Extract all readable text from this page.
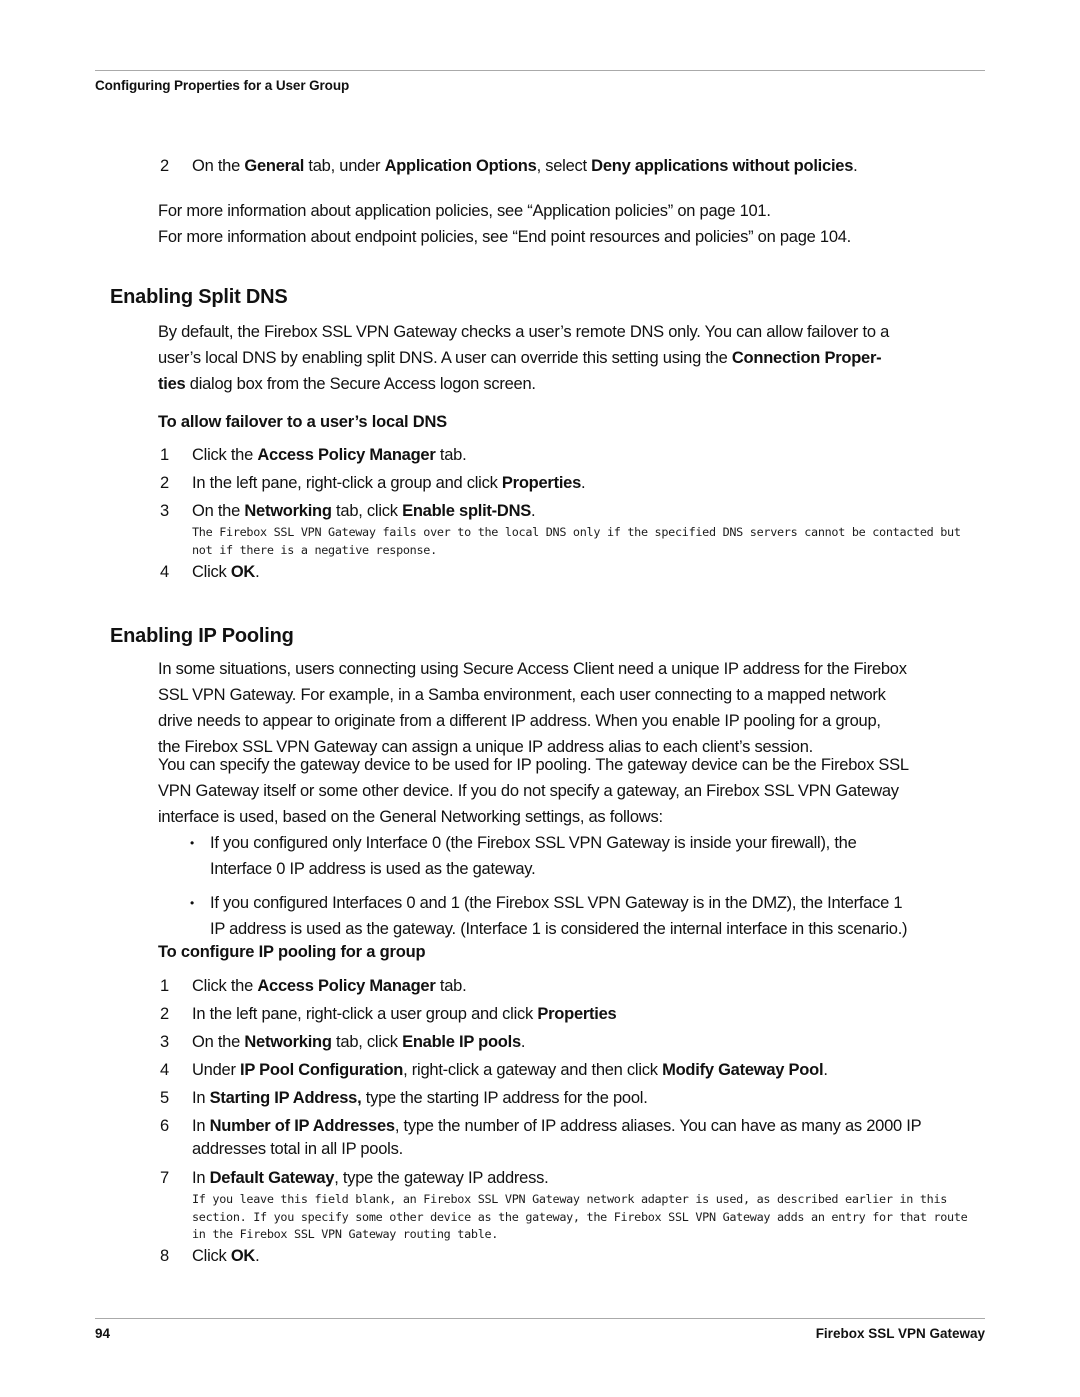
Configuring Properties for a User Group
2	On the General tab, under Application Options, select Deny applications without policies.
For more information about application policies, see “Application policies” on page 101.
For more information about endpoint policies, see “End point resources and policies” on page 104.
Enabling Split DNS
By default, the Firebox SSL VPN Gateway checks a user’s remote DNS only. You can allow failover to a
user’s local DNS by enabling split DNS. A user can override this setting using the Connection Proper-
ties dialog box from the Secure Access logon screen.
To allow failover to a user’s local DNS
1	Click the Access Policy Manager tab.
2	In the left pane, right-click a group and click Properties.
3	On the Networking tab, click Enable split-DNS.
The Firebox SSL VPN Gateway fails over to the local DNS only if the specified DNS servers cannot be contacted but
not if there is a negative response.
4	Click OK.
Enabling IP Pooling
In some situations, users connecting using Secure Access Client need a unique IP address for the Firebox
SSL VPN Gateway. For example, in a Samba environment, each user connecting to a mapped network
drive needs to appear to originate from a different IP address. When you enable IP pooling for a group,
the Firebox SSL VPN Gateway can assign a unique IP address alias to each client’s session.
You can specify the gateway device to be used for IP pooling. The gateway device can be the Firebox SSL
VPN Gateway itself or some other device. If you do not specify a gateway, an Firebox SSL VPN Gateway
interface is used, based on the General Networking settings, as follows:
• If you configured only Interface 0 (the Firebox SSL VPN Gateway is inside your firewall), the
Interface 0 IP address is used as the gateway.
• If you configured Interfaces 0 and 1 (the Firebox SSL VPN Gateway is in the DMZ), the Interface 1
IP address is used as the gateway. (Interface 1 is considered the internal interface in this scenario.)
To configure IP pooling for a group
1	Click the Access Policy Manager tab.
2	In the left pane, right-click a user group and click Properties
3	On the Networking tab, click Enable IP pools.
4	Under IP Pool Configuration, right-click a gateway and then click Modify Gateway Pool.
5	In Starting IP Address, type the starting IP address for the pool.
6	In Number of IP Addresses, type the number of IP address aliases. You can have as many as 2000 IP
addresses total in all IP pools.
7	In Default Gateway, type the gateway IP address.
If you leave this field blank, an Firebox SSL VPN Gateway network adapter is used, as described earlier in this
section. If you specify some other device as the gateway, the Firebox SSL VPN Gateway adds an entry for that route
in the Firebox SSL VPN Gateway routing table.
8	Click OK.
94	Firebox SSL VPN Gateway
